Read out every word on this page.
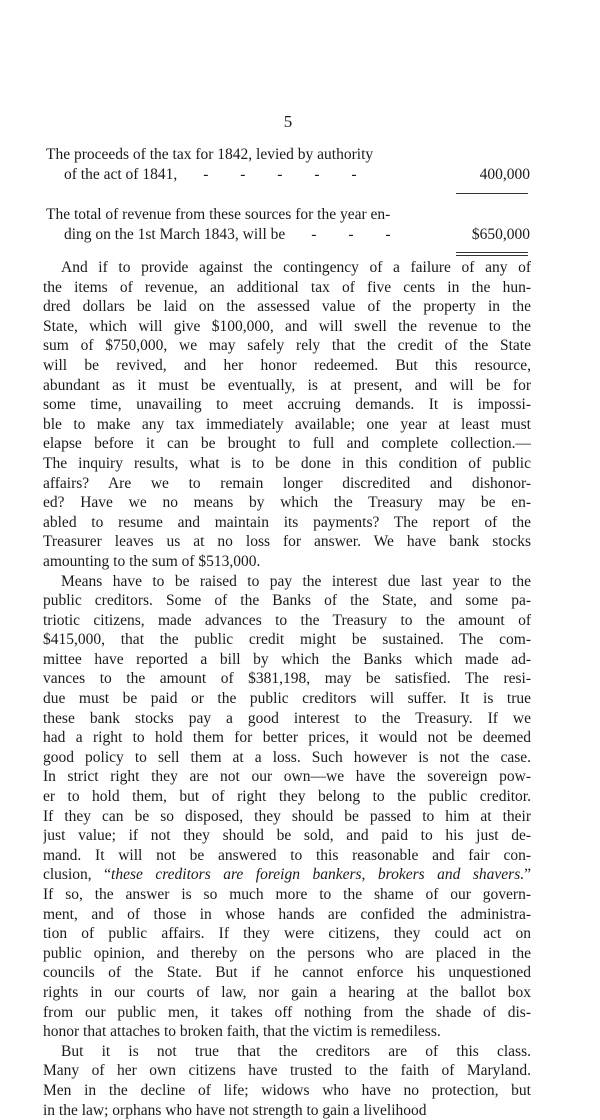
5
The proceeds of the tax for 1842, levied by authority
of the act of 1841, - - - - -	400,000
The total of revenue from these sources for the year en-
ding on the 1st March 1843, will be - - -	$650,000

And if to provide against the contingency of a failure of any of
the items of revenue, an additional tax of five cents in the hun-
dred dollars be laid on the assessed value of the property in the
State, which will give $100,000, and will swell the revenue to the
sum of $750,000, we may safely rely that the credit of the State
will be revived, and her honor redeemed. But this resource,
abundant as it must be eventually, is at present, and will be for
some time, unavailing to meet accruing demands. It is impossi-
ble to make any tax immediately available; one year at least must
elapse before it can be brought to full and complete collection.—
The inquiry results, what is to be done in this condition of public
affairs? Are we to remain longer discredited and dishonor-
ed? Have we no means by which the Treasury may be en-
abled to resume and maintain its payments? The report of the
Treasurer leaves us at no loss for answer. We have bank stocks
amounting to the sum of $513,000.

Means have to be raised to pay the interest due last year to the
public creditors. Some of the Banks of the State, and some pa-
triotic citizens, made advances to the Treasury to the amount of
$415,000, that the public credit might be sustained. The com-
mittee have reported a bill by which the Banks which made ad-
vances to the amount of $381,198, may be satisfied. The resi-
due must be paid or the public creditors will suffer. It is true
these bank stocks pay a good interest to the Treasury. If we
had a right to hold them for better prices, it would not be deemed
good policy to sell them at a loss. Such however is not the case.
In strict right they are not our own—we have the sovereign pow-
er to hold them, but of right they belong to the public creditor.
If they can be so disposed, they should be passed to him at their
just value; if not they should be sold, and paid to his just de-
mand. It will not be answered to this reasonable and fair con-
clusion, “these creditors are foreign bankers, brokers and shavers.”
If so, the answer is so much more to the shame of our govern-
ment, and of those in whose hands are confided the administra-
tion of public affairs. If they were citizens, they could act on
public opinion, and thereby on the persons who are placed in the
councils of the State. But if he cannot enforce his unquestioned
rights in our courts of law, nor gain a hearing at the ballot box
from our public men, it takes off nothing from the shade of dis-
honor that attaches to broken faith, that the victim is remediless.

But it is not true that the creditors are of this class.
Many of her own citizens have trusted to the faith of Maryland.
Men in the decline of life; widows who have no protection, but
in the law; orphans who have not strength to gain a livelihood
